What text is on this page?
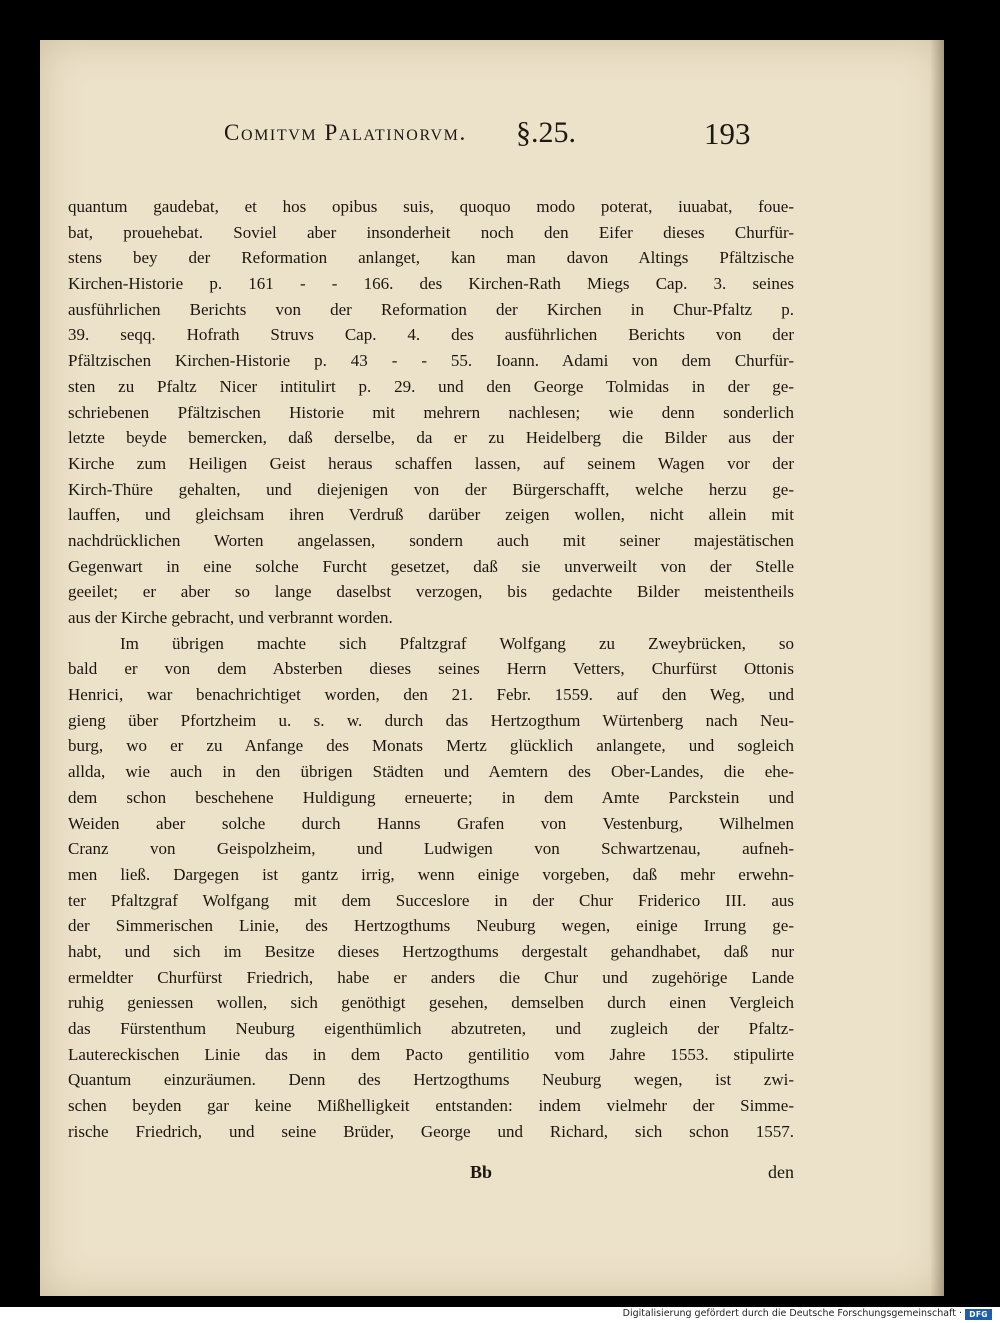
Comitvm Palatinorvm. §.25.	193
quantum gaudebat, et hos opibus suis, quoquo modo poterat, iuuabat, foue-
bat, prouehebat. Soviel aber insonderheit noch den Eifer dieses Churfür-
stens bey der Reformation anlanget, kan man davon Altings Pfältzische
Kirchen-Historie p. 161 - - 166. des Kirchen-Rath Miegs Cap. 3. seines
ausführlichen Berichts von der Reformation der Kirchen in Chur-Pfaltz p.
39. seqq. Hofrath Struvs Cap. 4. des ausführlichen Berichts von der
Pfältzischen Kirchen-Historie p. 43 - - 55. Ioann. Adami von dem Churfür-
sten zu Pfaltz Nicer intitulirt p. 29. und den George Tolmidas in der ge-
schriebenen Pfältzischen Historie mit mehrern nachlesen; wie denn sonderlich
letzte beyde bemercken, daß derselbe, da er zu Heidelberg die Bilder aus der
Kirche zum Heiligen Geist heraus schaffen lassen, auf seinem Wagen vor der
Kirch-Thüre gehalten, und diejenigen von der Bürgerschafft, welche herzu ge-
lauffen, und gleichsam ihren Verdruß darüber zeigen wollen, nicht allein mit
nachdrücklichen Worten angelassen, sondern auch mit seiner majestätischen
Gegenwart in eine solche Furcht gesetzet, daß sie unverweilt von der Stelle
geeilet; er aber so lange daselbst verzogen, bis gedachte Bilder meistentheils
aus der Kirche gebracht, und verbrannt worden.
Im übrigen machte sich Pfaltzgraf Wolfgang zu Zweybrücken, so
bald er von dem Absterben dieses seines Herrn Vetters, Churfürst Ottonis
Henrici, war benachrichtiget worden, den 21. Febr. 1559. auf den Weg, und
gieng über Pfortzheim u. s. w. durch das Hertzogthum Würtenberg nach Neu-
burg, wo er zu Anfange des Monats Mertz glücklich anlangete, und sogleich
allda, wie auch in den übrigen Städten und Aemtern des Ober-Landes, die ehe-
dem schon beschehene Huldigung erneuerte; in dem Amte Parckstein und
Weiden aber solche durch Hanns Grafen von Vestenburg, Wilhelmen
Cranz von Geispolzheim, und Ludwigen von Schwartzenau, aufneh-
men ließ. Dargegen ist gantz irrig, wenn einige vorgeben, daß mehr erwehn-
ter Pfaltzgraf Wolfgang mit dem Succeslore in der Chur Friderico III. aus
der Simmerischen Linie, des Hertzogthums Neuburg wegen, einige Irrung ge-
habt, und sich im Besitze dieses Hertzogthums dergestalt gehandhabet, daß nur
ermeldter Churfürst Friedrich, habe er anders die Chur und zugehörige Lande
ruhig geniessen wollen, sich genöthigt gesehen, demselben durch einen Vergleich
das Fürstenthum Neuburg eigenthümlich abzutreten, und zugleich der Pfaltz-
Lautereckischen Linie das in dem Pacto gentilitio vom Jahre 1553. stipulirte
Quantum einzuräumen. Denn des Hertzogthums Neuburg wegen, ist zwi-
schen beyden gar keine Mißhelligkeit entstanden: indem vielmehr der Simme-
rische Friedrich, und seine Brüder, George und Richard, sich schon 1557.
Bb	den
Digitalisierung gefördert durch die Deutsche Forschungsgemeinschaft · DFG
